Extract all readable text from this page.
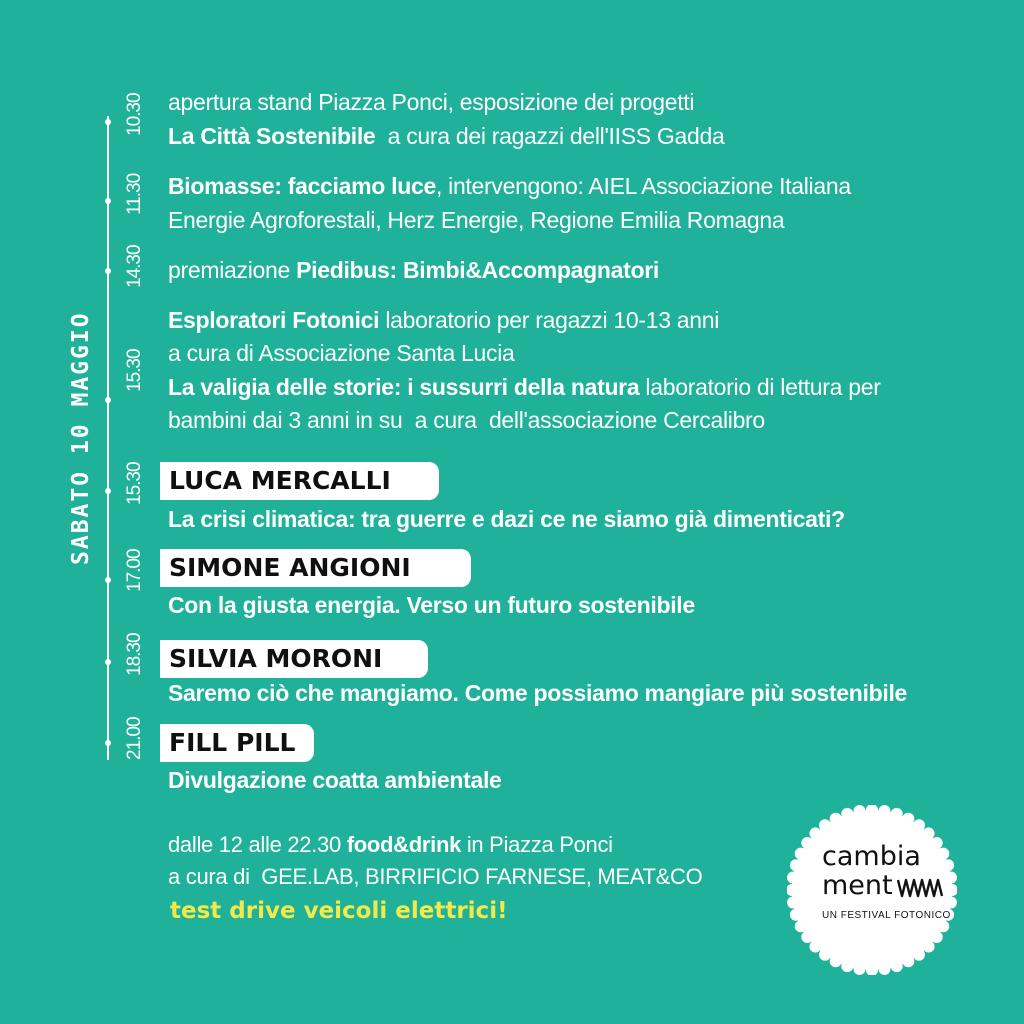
SABATO 10 MAGGIO
10.30
11.30
14.30
15.30
15.30
17.00
18.30
21.00
apertura stand Piazza Ponci, esposizione dei progetti
La Città Sostenibile  a cura dei ragazzi dell'IISS Gadda
Biomasse: facciamo luce, intervengono: AIEL Associazione Italiana
Energie Agroforestali, Herz Energie, Regione Emilia Romagna
premiazione Piedibus: Bimbi&Accompagnatori
Esploratori Fotonici laboratorio per ragazzi 10-13 anni
a cura di Associazione Santa Lucia
La valigia delle storie: i sussurri della natura laboratorio di lettura per
bambini dai 3 anni in su  a cura  dell'associazione Cercalibro
LUCA MERCALLI
La crisi climatica: tra guerre e dazi ce ne siamo già dimenticati?
SIMONE ANGIONI
Con la giusta energia. Verso un futuro sostenibile
SILVIA MORONI
Saremo ciò che mangiamo. Come possiamo mangiare più sostenibile
FILL PILL
Divulgazione coatta ambientale
dalle 12 alle 22.30 food&drink in Piazza Ponci
a cura di  GEE.LAB, BIRRIFICIO FARNESE, MEAT&CO
test drive veicoli elettrici!
cambia
ment
UN FESTIVAL FOTONICO
